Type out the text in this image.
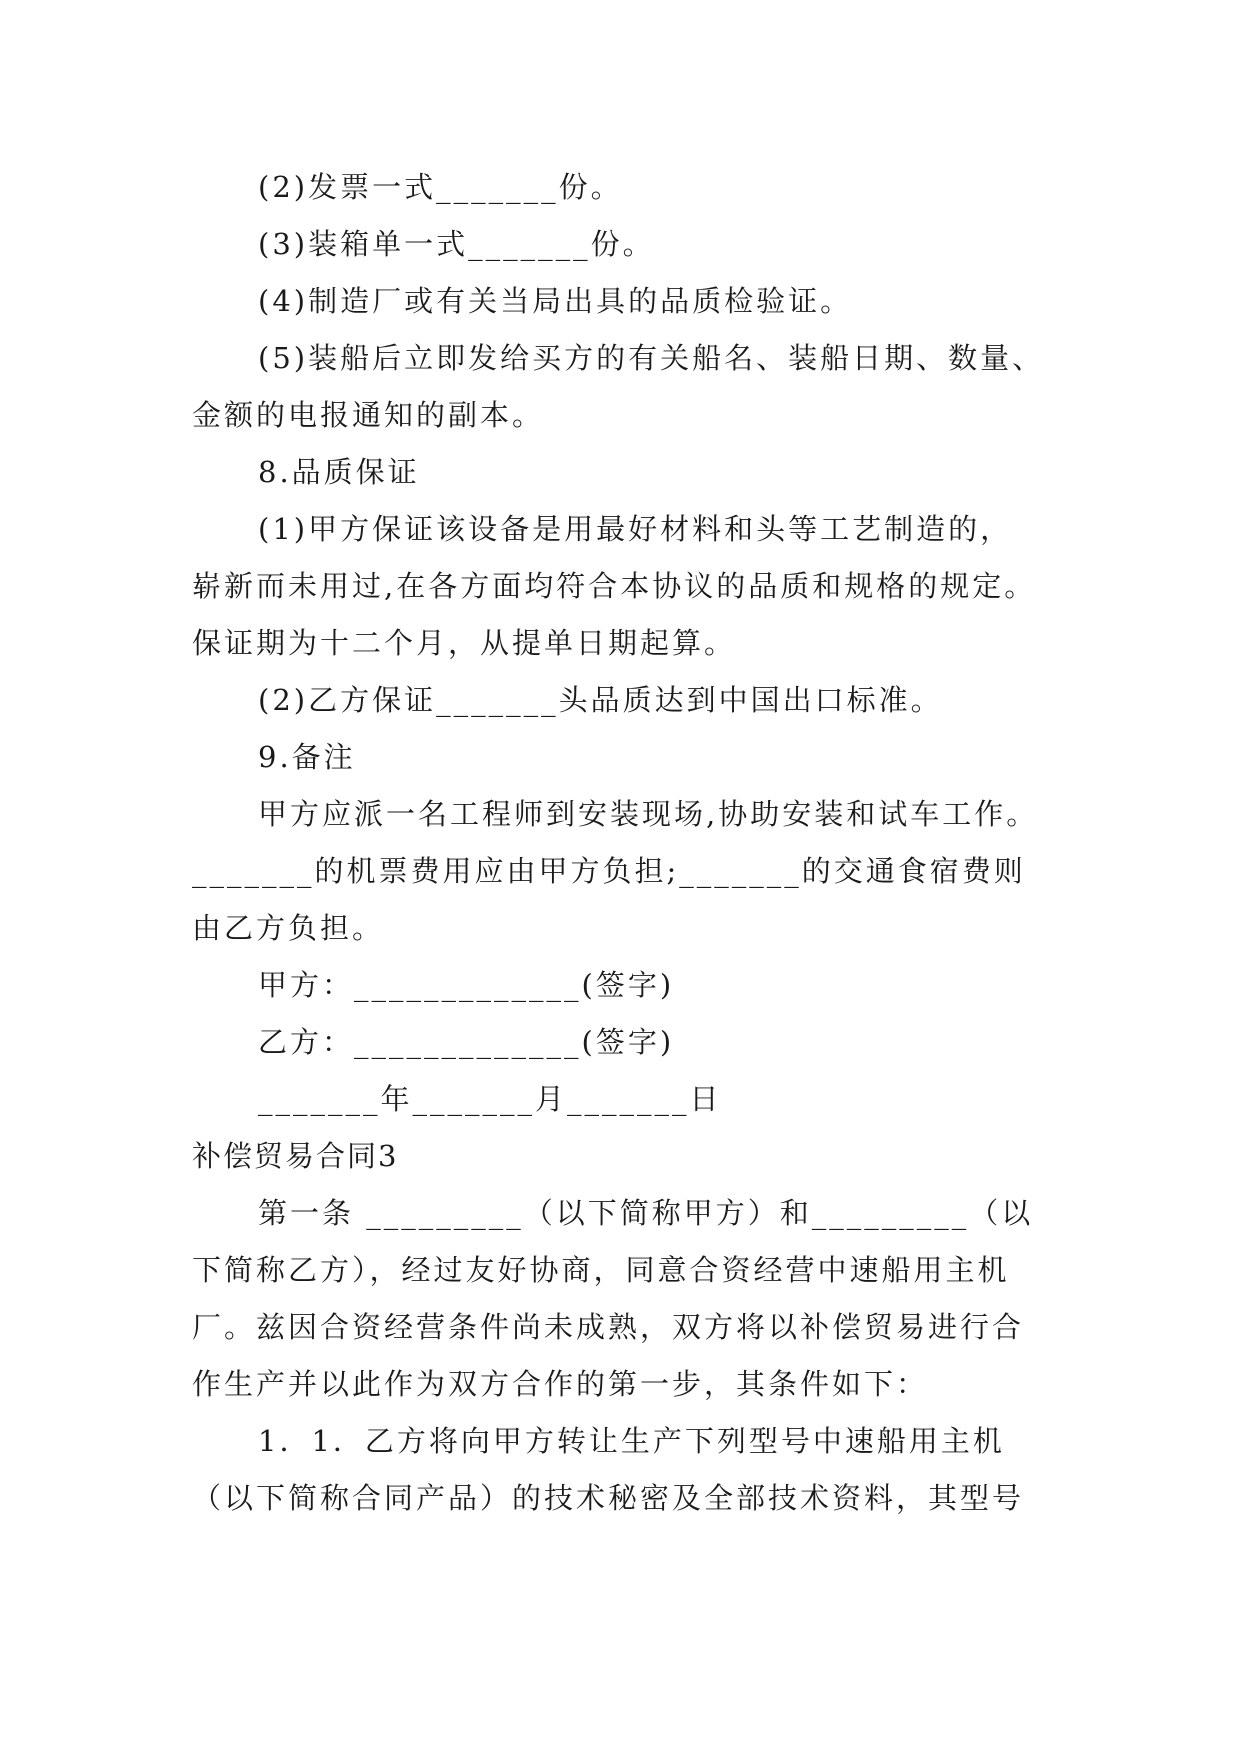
(2)发票一式_______份。
(3)装箱单一式_______份。
(4)制造厂或有关当局出具的品质检验证。
(5)装船后立即发给买方的有关船名、装船日期、数量、
金额的电报通知的副本。
8.品质保证
(1)甲方保证该设备是用最好材料和头等工艺制造的，
崭新而未用过,在各方面均符合本协议的品质和规格的规定。
保证期为十二个月，从提单日期起算。
(2)乙方保证_______头品质达到中国出口标准。
9.备注
甲方应派一名工程师到安装现场,协助安装和试车工作。
_______的机票费用应由甲方负担;_______的交通食宿费则
由乙方负担。
甲方：_____________(签字)
乙方：_____________(签字)
_______年_______月_______日
补偿贸易合同3
第一条 _________（以下简称甲方）和_________（以
下简称乙方），经过友好协商，同意合资经营中速船用主机
厂。兹因合资经营条件尚未成熟，双方将以补偿贸易进行合
作生产并以此作为双方合作的第一步，其条件如下：
1．1．乙方将向甲方转让生产下列型号中速船用主机
（以下简称合同产品）的技术秘密及全部技术资料，其型号
